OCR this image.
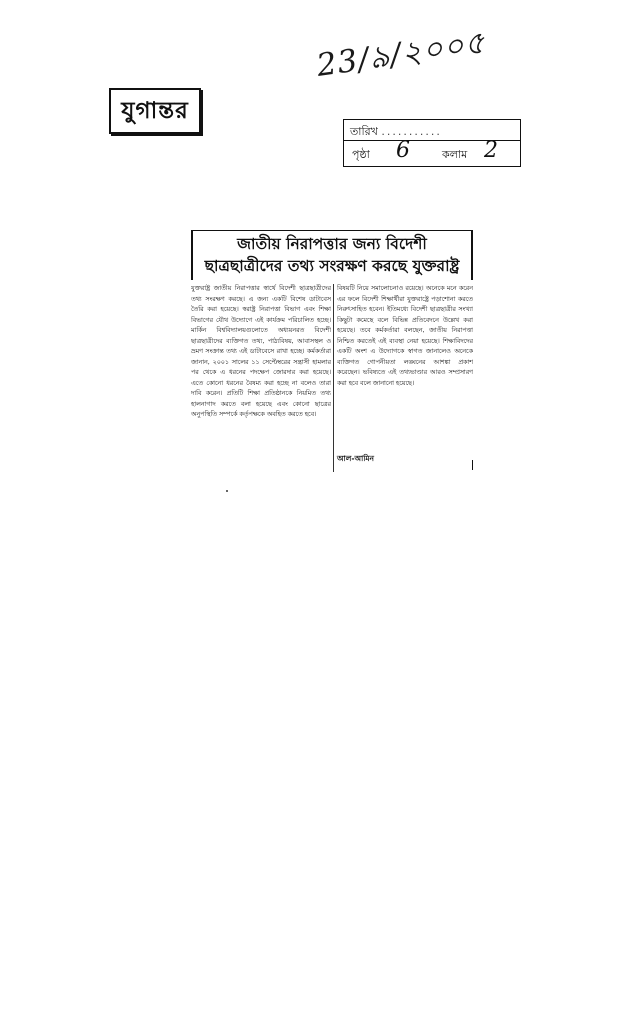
যুগান্তর
23/৯/২০০৫
তারিখ ...........
পৃষ্ঠা 6	কলাম 2
জাতীয় নিরাপত্তার জন্য বিদেশী
ছাত্রছাত্রীদের তথ্য সংরক্ষণ করছে যুক্তরাষ্ট্র

যুক্তরাষ্ট্র জাতীয় নিরাপত্তার স্বার্থে বিদেশী ছাত্রছাত্রীদের তথ্য সংরক্ষণ করছে। এ জন্য একটি বিশেষ ডাটাবেস তৈরি করা হয়েছে। স্বরাষ্ট্র নিরাপত্তা বিভাগ এবং শিক্ষা বিভাগের যৌথ উদ্যোগে এই কার্যক্রম পরিচালিত হচ্ছে। মার্কিন বিশ্ববিদ্যালয়গুলোতে অধ্যয়নরত বিদেশী ছাত্রছাত্রীদের ব্যক্তিগত তথ্য, পাঠ্যবিষয়, আবাসস্থল ও ভ্রমণ সংক্রান্ত তথ্য এই ডাটাবেসে রাখা হচ্ছে। কর্মকর্তারা জানান, ২০০১ সালের ১১ সেপ্টেম্বরের সন্ত্রাসী হামলার পর থেকে এ ধরনের পদক্ষেপ জোরদার করা হয়েছে। এতে কোনো ধরনের বৈষম্য করা হচ্ছে না বলেও তারা দাবি করেন। প্রতিটি শিক্ষা প্রতিষ্ঠানকে নিয়মিত তথ্য হালনাগাদ করতে বলা হয়েছে এবং কোনো ছাত্রের অনুপস্থিতি সম্পর্কে কর্তৃপক্ষকে অবহিত করতে হবে।

বিষয়টি নিয়ে সমালোচনাও রয়েছে। অনেকে মনে করেন এর ফলে বিদেশী শিক্ষার্থীরা যুক্তরাষ্ট্রে পড়াশোনা করতে নিরুৎসাহিত হবেন। ইতিমধ্যে বিদেশী ছাত্রছাত্রীর সংখ্যা কিছুটা কমেছে বলে বিভিন্ন প্রতিবেদনে উল্লেখ করা হয়েছে। তবে কর্মকর্তারা বলছেন, জাতীয় নিরাপত্তা নিশ্চিত করতেই এই ব্যবস্থা নেয়া হয়েছে। শিক্ষাবিদদের একটি অংশ এ উদ্যোগকে স্বাগত জানালেও অনেকে ব্যক্তিগত গোপনীয়তা লঙ্ঘনের আশঙ্কা প্রকাশ করেছেন। ভবিষ্যতে এই তথ্যভাণ্ডার আরও সম্প্রসারণ করা হবে বলে জানানো হয়েছে।

আল-আমিন
